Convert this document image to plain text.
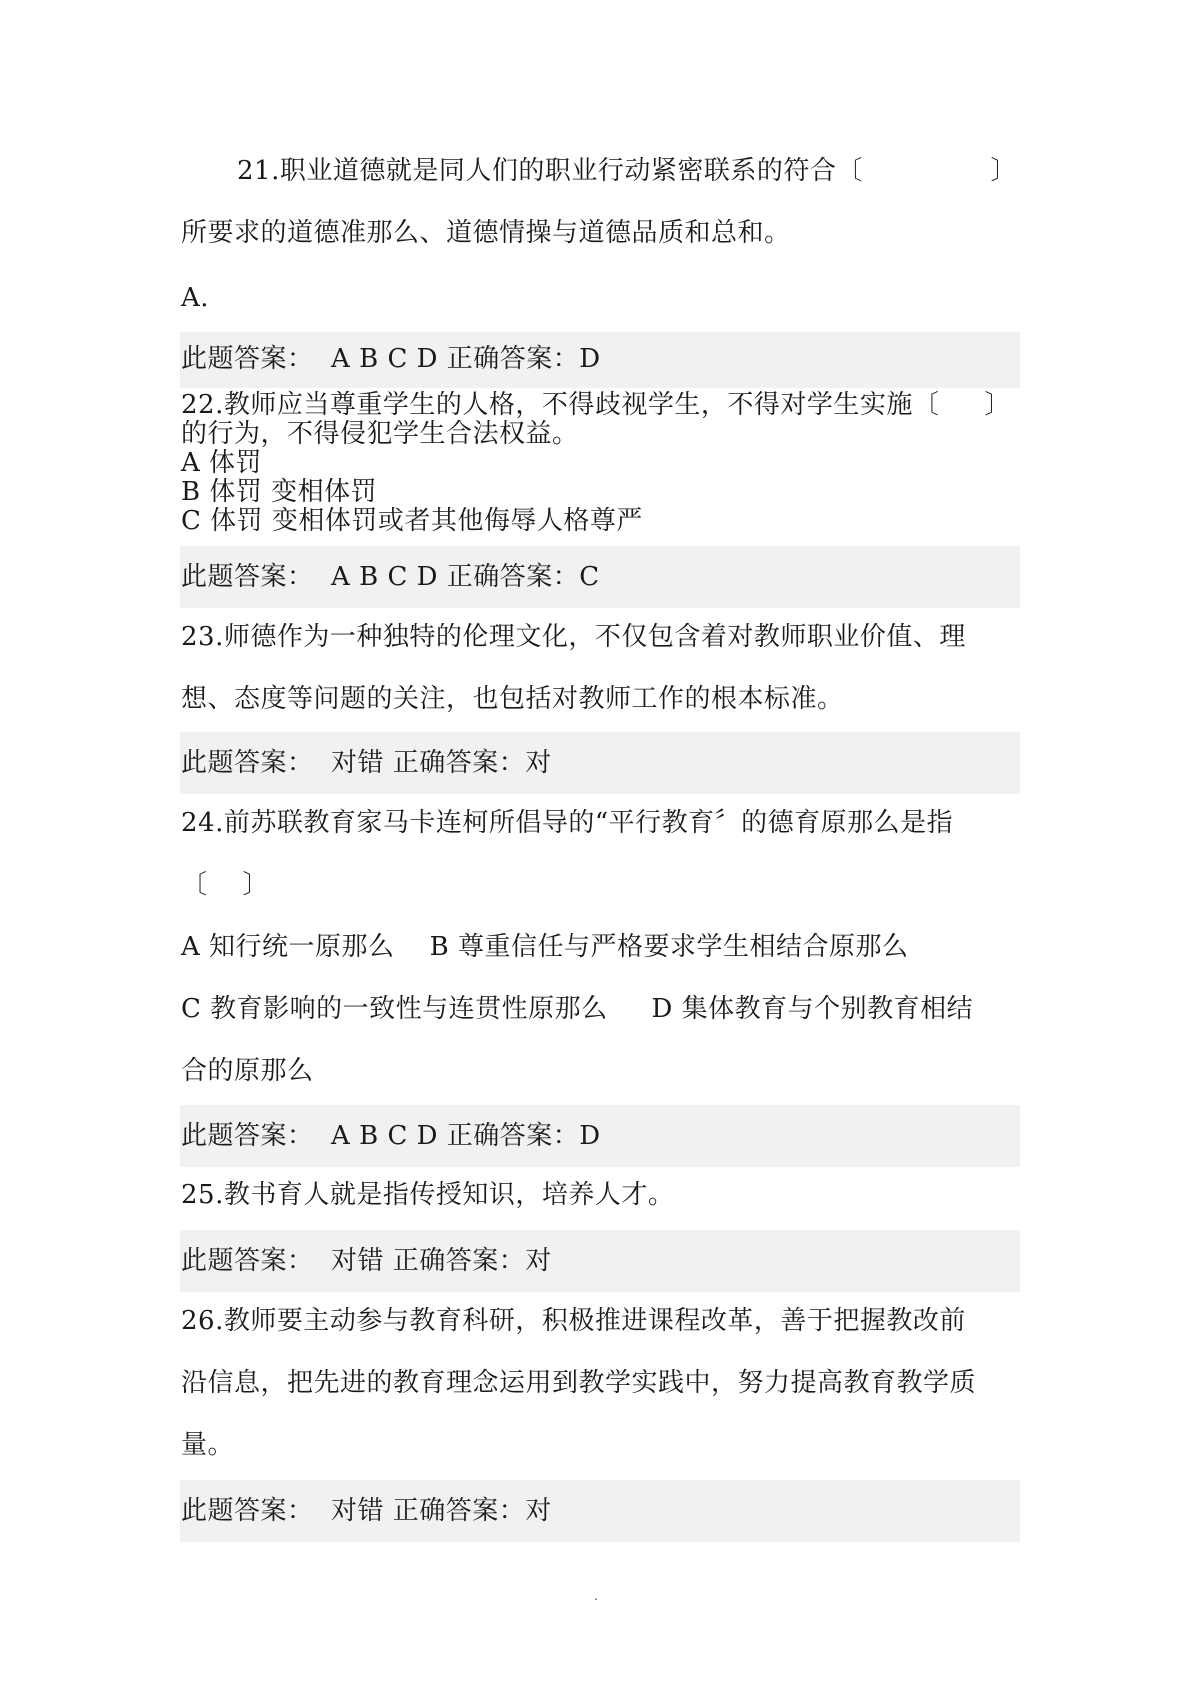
21.职业道德就是同人们的职业行动紧密联系的符合〔	〕
所要求的道德准那么、道德情操与道德品质和总和。
A.
此题答案：  A B C D 正确答案：D
22.教师应当尊重学生的人格，不得歧视学生，不得对学生实施〔 〕
的行为，不得侵犯学生合法权益。
A 体罚
B 体罚 变相体罚
C 体罚 变相体罚或者其他侮辱人格尊严
此题答案：  A B C D 正确答案：C
23.师德作为一种独特的伦理文化，不仅包含着对教师职业价值、理
想、态度等问题的关注，也包括对教师工作的根本标准。
此题答案：  对错 正确答案：对
24.前苏联教育家马卡连柯所倡导的“平行教育〞的德育原那么是指
〔    〕
A 知行统一原那么    B 尊重信任与严格要求学生相结合原那么
C 教育影响的一致性与连贯性原那么     D 集体教育与个别教育相结
合的原那么
此题答案：  A B C D 正确答案：D
25.教书育人就是指传授知识，培养人才。
此题答案：  对错 正确答案：对
26.教师要主动参与教育科研，积极推进课程改革，善于把握教改前
沿信息，把先进的教育理念运用到教学实践中，努力提高教育教学质
量。
此题答案：  对错 正确答案：对
.
